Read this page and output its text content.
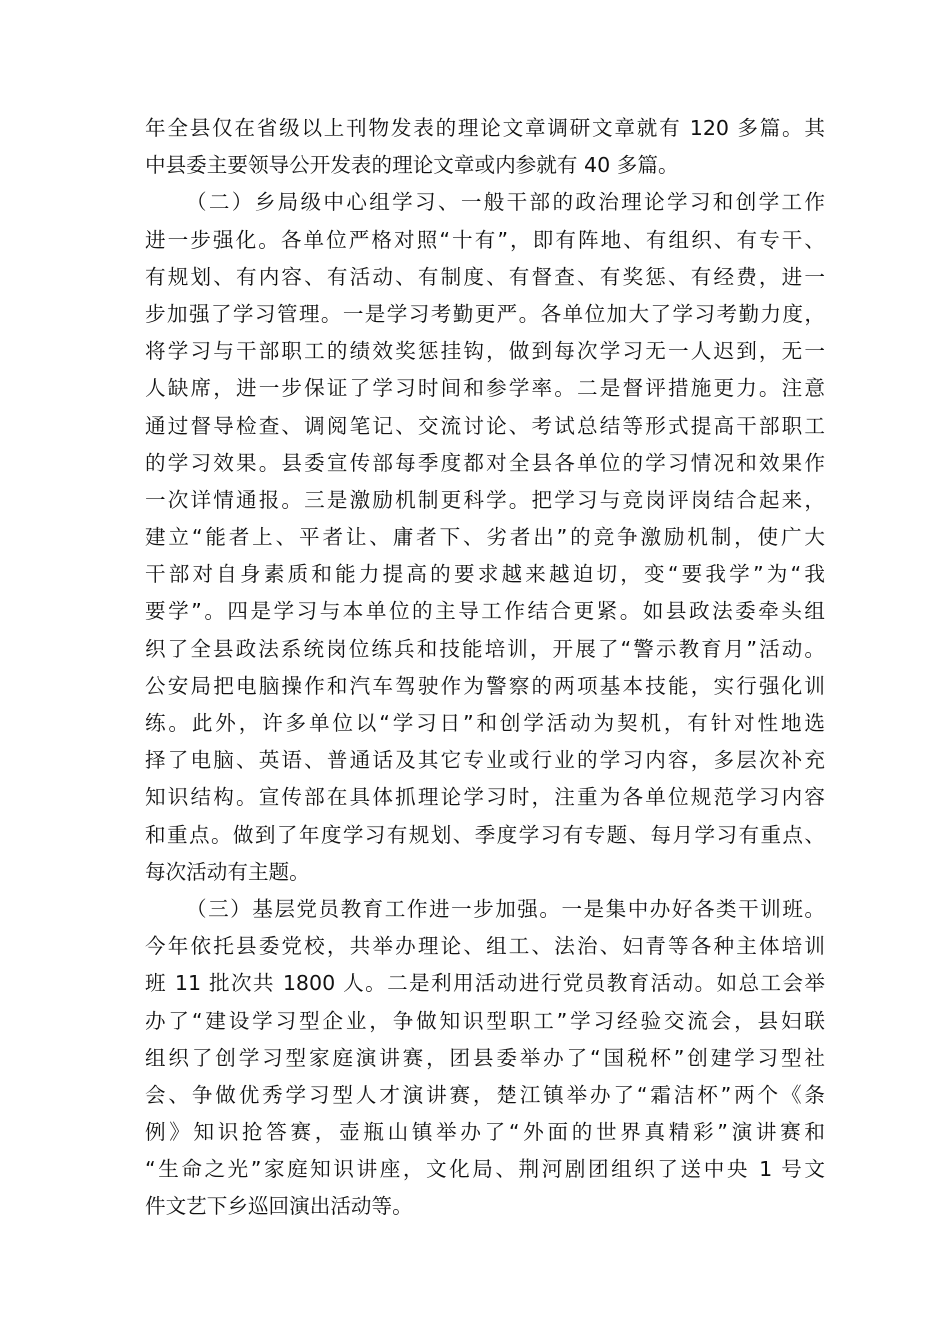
年全县仅在省级以上刊物发表的理论文章调研文章就有 120 多篇。其
中县委主要领导公开发表的理论文章或内参就有 40 多篇。
（二）乡局级中心组学习、一般干部的政治理论学习和创学工作
进一步强化。各单位严格对照“十有”，即有阵地、有组织、有专干、
有规划、有内容、有活动、有制度、有督查、有奖惩、有经费，进一
步加强了学习管理。一是学习考勤更严。各单位加大了学习考勤力度，
将学习与干部职工的绩效奖惩挂钩，做到每次学习无一人迟到，无一
人缺席，进一步保证了学习时间和参学率。二是督评措施更力。注意
通过督导检查、调阅笔记、交流讨论、考试总结等形式提高干部职工
的学习效果。县委宣传部每季度都对全县各单位的学习情况和效果作
一次详情通报。三是激励机制更科学。把学习与竞岗评岗结合起来，
建立“能者上、平者让、庸者下、劣者出”的竞争激励机制，使广大
干部对自身素质和能力提高的要求越来越迫切，变“要我学”为“我
要学”。四是学习与本单位的主导工作结合更紧。如县政法委牵头组
织了全县政法系统岗位练兵和技能培训，开展了“警示教育月”活动。
公安局把电脑操作和汽车驾驶作为警察的两项基本技能，实行强化训
练。此外，许多单位以“学习日”和创学活动为契机，有针对性地选
择了电脑、英语、普通话及其它专业或行业的学习内容，多层次补充
知识结构。宣传部在具体抓理论学习时，注重为各单位规范学习内容
和重点。做到了年度学习有规划、季度学习有专题、每月学习有重点、
每次活动有主题。
（三）基层党员教育工作进一步加强。一是集中办好各类干训班。
今年依托县委党校，共举办理论、组工、法治、妇青等各种主体培训
班 11 批次共 1800 人。二是利用活动进行党员教育活动。如总工会举
办了“建设学习型企业，争做知识型职工”学习经验交流会，县妇联
组织了创学习型家庭演讲赛，团县委举办了“国税杯”创建学习型社
会、争做优秀学习型人才演讲赛，楚江镇举办了“霜洁杯”两个《条
例》知识抢答赛，壶瓶山镇举办了“外面的世界真精彩”演讲赛和
“生命之光”家庭知识讲座，文化局、荆河剧团组织了送中央 1 号文
件文艺下乡巡回演出活动等。
